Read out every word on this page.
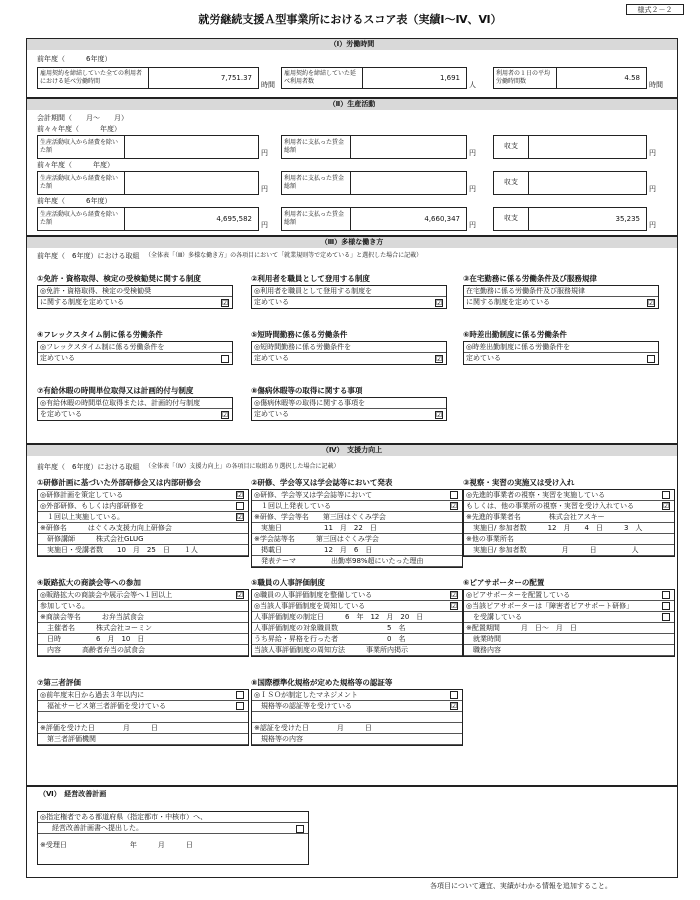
様式２－２
就労継続支援Ａ型事業所におけるスコア表（実績Ⅰ～Ⅳ、Ⅵ）
（Ⅰ）労働時間
前年度（　　　6年度）
雇用契約を締結していた全ての利用者における延べ労働時間	7,751.37
時間
雇用契約を締結していた延べ利用者数	1,691
人
利用者の１日の平均労働時間数	4.58
時間
（Ⅱ）生産活動
会計期間（　　月～　　月）
前々々年度（　　　年度）
生産活動収入から経費を除いた額	円
利用者に支払った賃金総額	円
収支
円
前々年度（　　　年度）
生産活動収入から経費を除いた額	円
利用者に支払った賃金総額	円
収支
円
前年度（　　　6年度）
生産活動収入から経費を除いた額	4,695,582
円
利用者に支払った賃金総額	4,660,347
円
収支	35,235
円
（Ⅲ）多様な働き方
前年度（　6年度）における取組 （全体表「（Ⅲ）多様な働き方」の各項目において「就業規則等で定めている」と選択した場合に記載）
①免許・資格取得、検定の受検勧奨に関する制度
◎免許・資格取得、検定の受検勧奨
に関する制度を定めている	☑
②利用者を職員として登用する制度
◎利用者を職員として登用する制度を
定めている	☑
③在宅勤務に係る労働条件及び服務規律
在宅勤務に係る労働条件及び服務規律
に関する制度を定めている	☑
④フレックスタイム制に係る労働条件
◎フレックスタイム制に係る労働条件を
定めている
⑤短時間勤務に係る労働条件
◎短時間勤務に係る労働条件を
定めている	☑
⑥時差出勤制度に係る労働条件
◎時差出勤制度に係る労働条件を
定めている
⑦有給休暇の時間単位取得又は計画的付与制度
◎有給休暇の時間単位取得または、計画的付与制度
を定めている	☑
⑧傷病休暇等の取得に関する事項
◎傷病休暇等の取得に関する事項を
定めている	☑
（Ⅳ）　支援力向上
前年度（　6年度）における取組 （全体表「（Ⅳ）支援力向上」の各項目に取組あり選択した場合に記載）
①研修計画に基づいた外部研修会又は内部研修会
◎研修計画を策定している
◎外部研修、もしくは内部研修を
　１回以上実施している。
※研修名　　　はぐくみ支援力向上研修会
　研修講師　　　株式会社GLUG
　実施日・受講者数　　10　月　25　日　　１人
☑
☑
②研修、学会等又は学会誌等において発表
◎研修、学会等又は学会誌等において
　１回以上発表している
※研修、学会等名　　第三回はぐくみ学会
　実施日　　　　　　11　月　22　日
※学会誌等名　　　第三回はぐくみ学会
　掲載日　　　　　　12　月　6　日
　発表テーマ　　　　　出勤率98%超にいたった理由
☑
③視察・実習の実施又は受け入れ
◎先進的事業者の視察・実習を実施している
もしくは、他の事業所の視察・実習を受け入れている
※先進的事業者名　　　　株式会社アスキー
　実施日/ 参加者数　　　12　月　　4　日　　　3　人
※他の事業所名
　実施日/ 参加者数　　　　　月　　　日　　　　　人
☑
④販路拡大の商談会等への参加
◎販路拡大の商談会や展示会等へ１回以上
参加している。
※商談会等名　　　お弁当試食会
　主催者名　　　株式会社コーミン
　日時　　　　　6　月　10　日
　内容　　　高齢者弁当の試食会
☑
⑤職員の人事評価制度
◎職員の人事評価制度を整備している
◎当該人事評価制度を周知している
人事評価制度の制定日　　　6　年　12　月　20　日
人事評価制度の対象職員数　　　　　　　5　名
うち昇給・昇格を行った者　　　　　　　0　名
当該人事評価制度の周知方法　　　事業所内掲示
☑
☑
⑥ピアサポーターの配置
◎ピアサポーターを配置している
◎当該ピアサポーターは「障害者ピアサポート研修」
　を受講している
※配置期間　　　月　日～　月　日
　就業時間
　職務内容
⑦第三者評価
◎前年度末日から過去３年以内に
　福祉サービス第三者評価を受けている
※評価を受けた日　　　　月　　　日
　第三者評価機関
⑧国際標準化規格が定めた規格等の認証等
◎ＩＳＯが制定したマネジメント
　規格等の認証等を受けている
※認証を受けた日　　　　月　　　日
　規格等の内容
☑
（Ⅵ）　経営改善計画
◎指定権者である都道府県（指定都市・中核市）へ、
経営改善計画書へ提出した。
※受理日　　　　　　　　　年　　　月　　　日
各項目について適宜、実績がわかる情報を追加すること。
